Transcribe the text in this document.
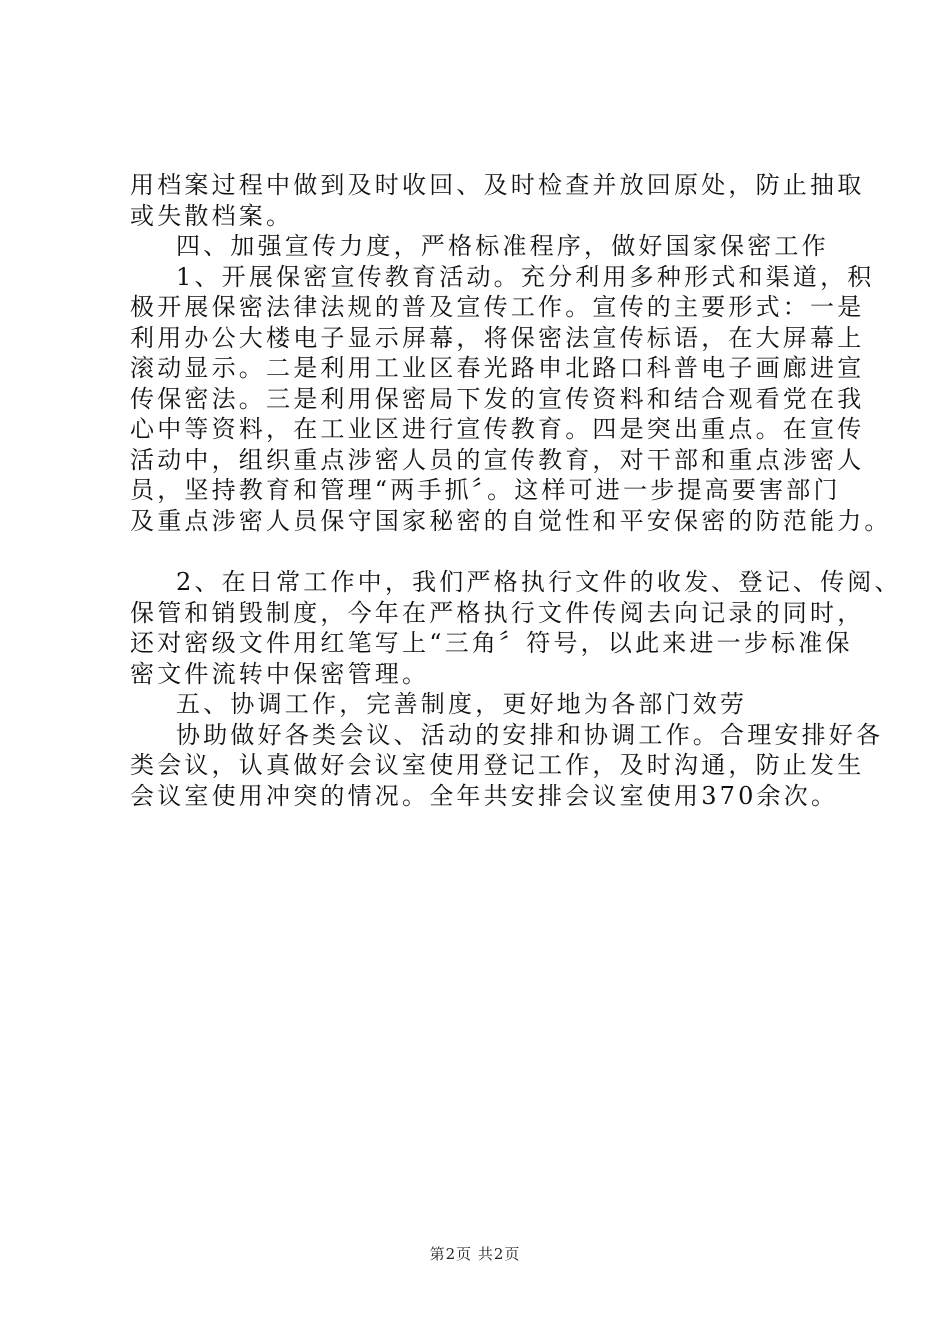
用档案过程中做到及时收回、及时检查并放回原处，防止抽取
或失散档案。
四、加强宣传力度，严格标准程序，做好国家保密工作
1、开展保密宣传教育活动。充分利用多种形式和渠道，积
极开展保密法律法规的普及宣传工作。宣传的主要形式：一是
利用办公大楼电子显示屏幕，将保密法宣传标语，在大屏幕上
滚动显示。二是利用工业区春光路申北路口科普电子画廊进宣
传保密法。三是利用保密局下发的宣传资料和结合观看党在我
心中等资料，在工业区进行宣传教育。四是突出重点。在宣传
活动中，组织重点涉密人员的宣传教育，对干部和重点涉密人
员，坚持教育和管理“两手抓〞。这样可进一步提高要害部门
及重点涉密人员保守国家秘密的自觉性和平安保密的防范能力。
2、在日常工作中，我们严格执行文件的收发、登记、传阅、
保管和销毁制度，今年在严格执行文件传阅去向记录的同时，
还对密级文件用红笔写上“三角〞符号，以此来进一步标准保
密文件流转中保密管理。
五、协调工作，完善制度，更好地为各部门效劳
协助做好各类会议、活动的安排和协调工作。合理安排好各
类会议，认真做好会议室使用登记工作，及时沟通，防止发生
会议室使用冲突的情况。全年共安排会议室使用370余次。
第2页 共2页
